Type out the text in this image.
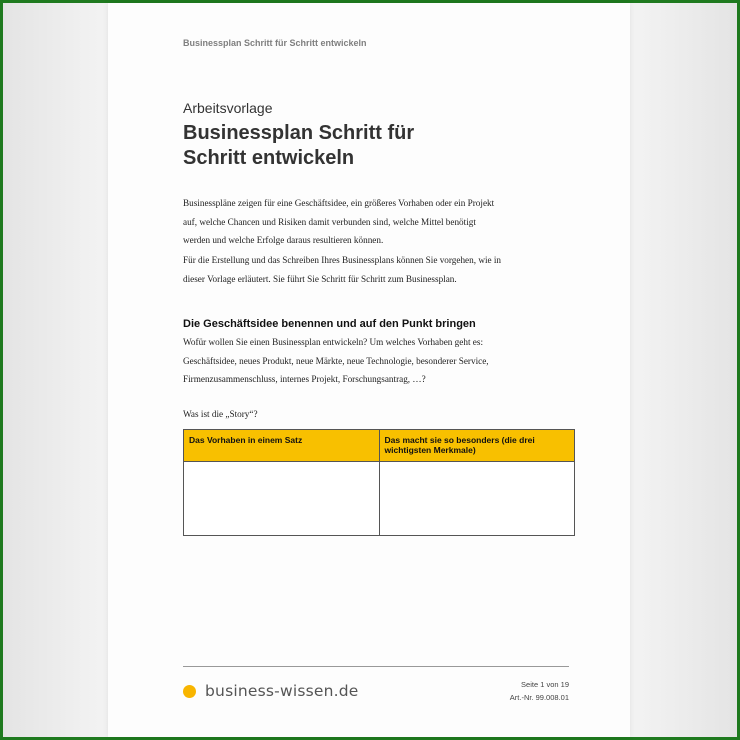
Businessplan Schritt für Schritt entwickeln
Arbeitsvorlage
Businessplan Schritt für
Schritt entwickeln

Businesspläne zeigen für eine Geschäftsidee, ein größeres Vorhaben oder ein Projekt auf, welche Chancen und Risiken damit verbunden sind, welche Mittel benötigt werden und welche Erfolge daraus resultieren können.

Für die Erstellung und das Schreiben Ihres Businessplans können Sie vorgehen, wie in dieser Vorlage erläutert. Sie führt Sie Schritt für Schritt zum Businessplan.

Die Geschäftsidee benennen und auf den Punkt bringen

Wofür wollen Sie einen Businessplan entwickeln? Um welches Vorhaben geht es: Geschäftsidee, neues Produkt, neue Märkte, neue Technologie, besonderer Service, Firmenzusammenschluss, internes Projekt, Forschungsantrag, …?

Was ist die „Story“?

Das Vorhaben in einem Satz	Das macht sie so besonders (die drei wichtigsten Merkmale)

business-wissen.de	Seite 1 von 19
Art.-Nr. 99.008.01
